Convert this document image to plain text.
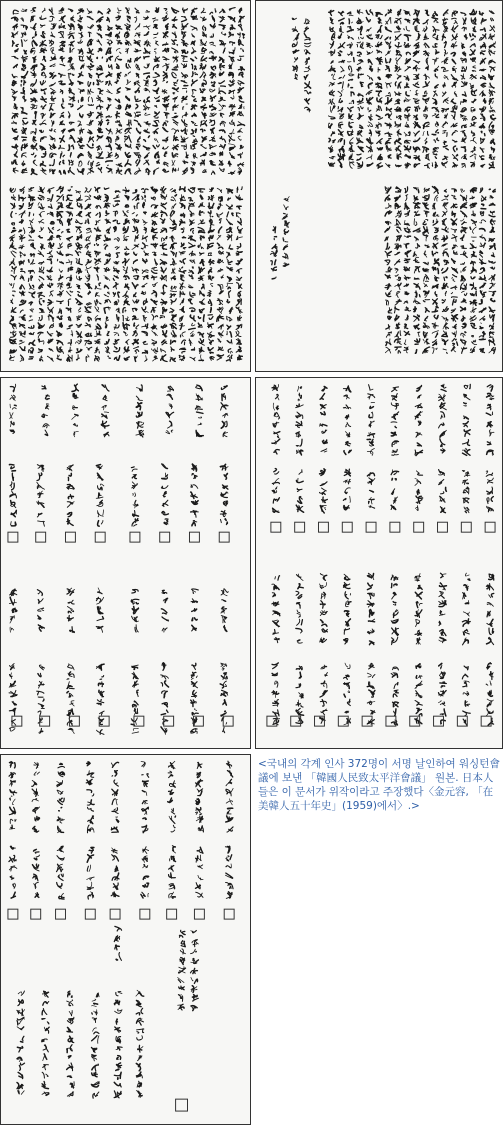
<국내의 각계 인사 372명이 서명 날인하여 워싱턴會議에 보낸 「韓國人民致太平洋會議」 원본. 日本人들은 이 문서가 위작이라고 주장했다〈金元容, 「在美韓人五十年史」(1959)에서〉.>
